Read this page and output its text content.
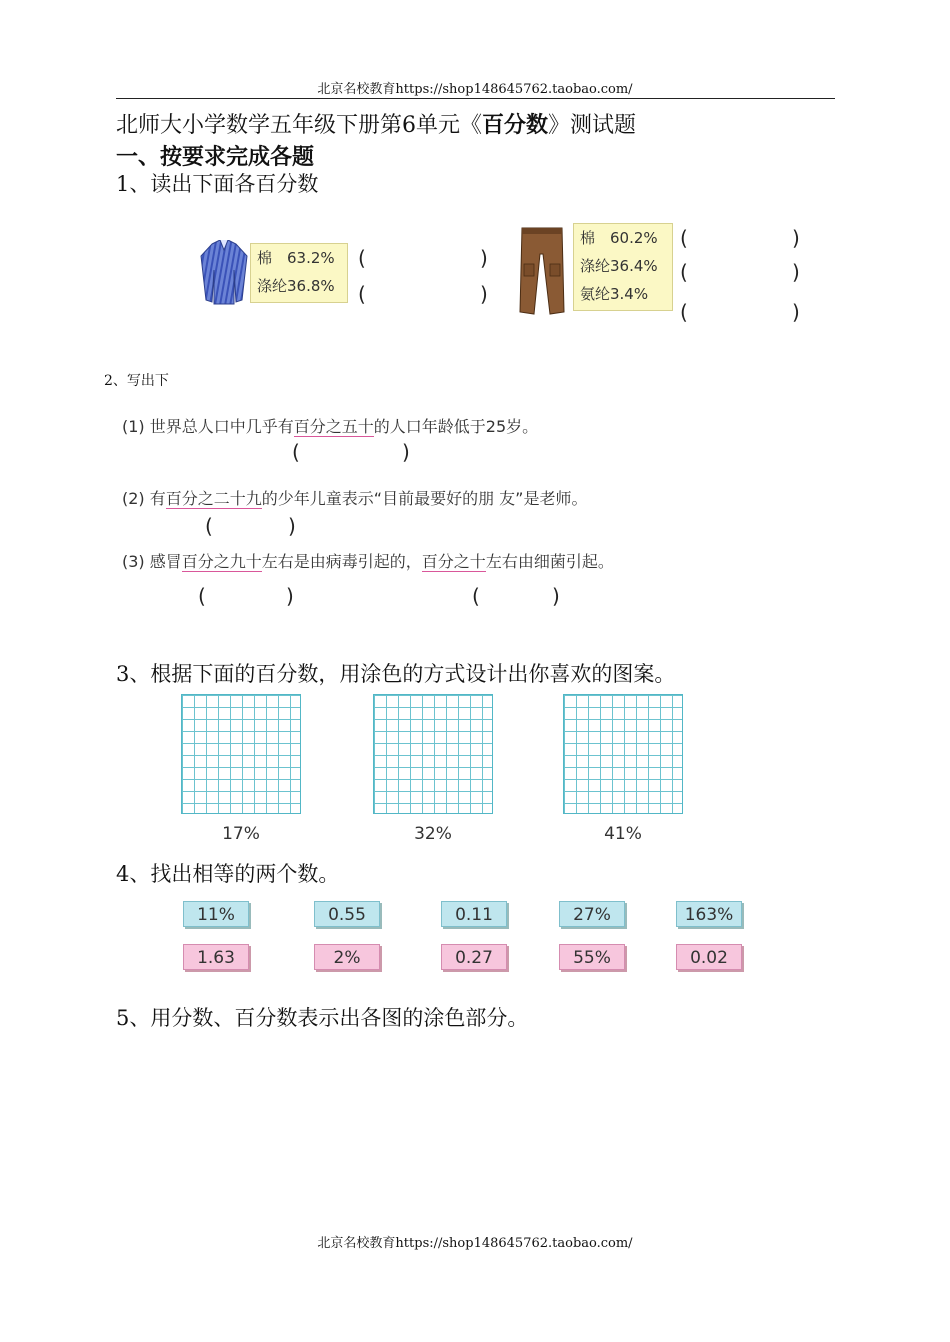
北京名校教育https://shop148645762.taobao.com/
北师大小学数学五年级下册第6单元《百分数》测试题
一、按要求完成各题
1、读出下面各百分数
棉　63.2%
涤纶36.8%
(	)
(	)
棉　60.2%
涤纶36.4%
氨纶3.4%
(	)
(	)
(	)
2、写出下
(1) 世界总人口中几乎有百分之五十的人口年龄低于25岁。
(	)
(2) 有百分之二十九的少年儿童表示“目前最要好的朋 友”是老师。
(	)
(3) 感冒百分之九十左右是由病毒引起的，百分之十左右由细菌引起。
(	)	(	)
3、根据下面的百分数，用涂色的方式设计出你喜欢的图案。
17%	32%	41%
4、找出相等的两个数。
11%	0.55	0.11	27%	163%
1.63	2%	0.27	55%	0.02
5、用分数、百分数表示出各图的涂色部分。
北京名校教育https://shop148645762.taobao.com/
